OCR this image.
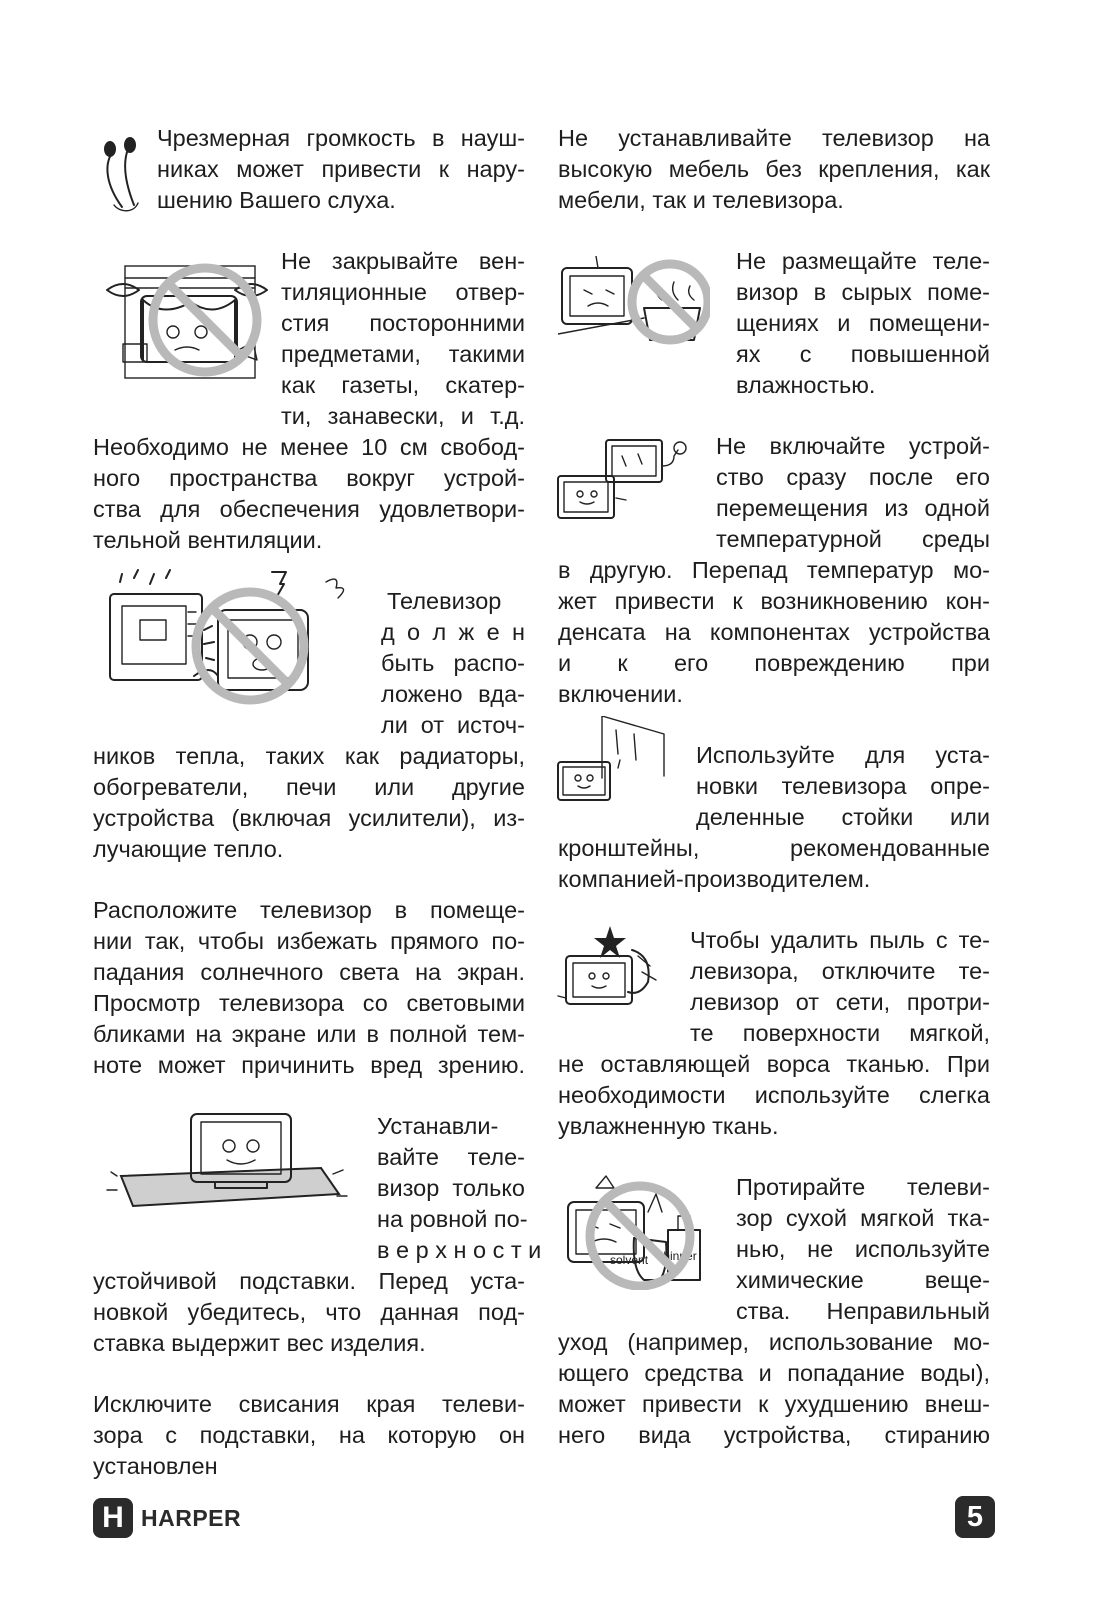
Чрезмерная громкость в науш-
никах может привести к нару-
шению Вашего слуха.
Не закрывайте вен-
тиляционные отвер-
стия посторонними
предметами, такими
как газеты, скатер-
ти, занавески, и т.д.
Необходимо не менее 10 см свобод-
ного пространства вокруг устрой-
ства для обеспечения удовлетвори-
тельной вентиляции.
Телевизор
д о л ж е н
быть распо-
ложено вда-
ли от источ-
ников тепла, таких как радиаторы,
обогреватели, печи или другие
устройства (включая усилители), из-
лучающие тепло.
Расположите телевизор в помеще-
нии так, чтобы избежать прямого по-
падания солнечного света на экран.
Просмотр телевизора со световыми
бликами на экране или в полной тем-
ноте может причинить вред зрению.
Устанавли-
вайте теле-
визор только
на ровной по-
в е р х н о с т и
устойчивой подставки. Перед уста-
новкой убедитесь, что данная под-
ставка выдержит вес изделия.
Исключите свисания края телеви-
зора с подставки, на которую он
установлен
Не устанавливайте телевизор на
высокую мебель без крепления, как
мебели, так и телевизора.
Не размещайте теле-
визор в сырых поме-
щениях и помещени-
ях с повышенной
влажностью.
Не включайте устрой-
ство сразу после его
перемещения из одной
температурной среды
в другую. Перепад температур мо-
жет привести к возникновению кон-
денсата на компонентах устройства
и к его повреждению при
включении.
Используйте для уста-
новки телевизора опре-
деленные стойки или
кронштейны, рекомендованные
компанией-производителем.
Чтобы удалить пыль с те-
левизора, отключите те-
левизор от сети, протри-
те поверхности мягкой,
не оставляющей ворса тканью. При
необходимости используйте слегка
увлажненную ткань.
Протирайте телеви-
зор сухой мягкой тка-
нью, не используйте
химические веще-
ства. Неправильный
уход (например, использование мо-
ющего средства и попадание воды),
может привести к ухудшению внеш-
него вида устройства, стиранию
solvent thinner
H HARPER	5
